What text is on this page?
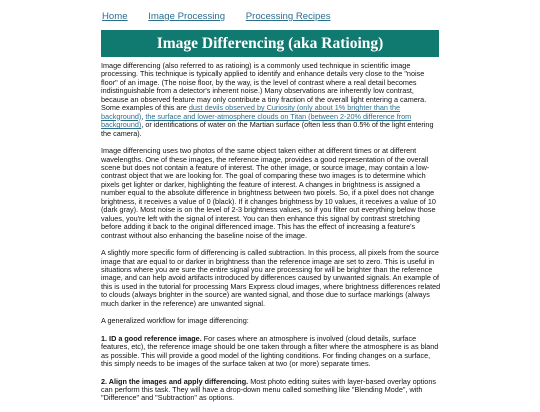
Home Image Processing Processing Recipes
Image Differencing (aka Ratioing)

Image differencing (also referred to as ratioing) is a commonly used technique in scientific image processing. This technique is typically applied to identify and enhance details very close to the "noise floor" of an image. (The noise floor, by the way, is the level of contrast where a real detail becomes indistinguishable from a detector's inherent noise.) Many observations are inherently low contrast, because an observed feature may only contribute a tiny fraction of the overall light entering a camera. Some examples of this are dust devils observed by Curiosity (only about 1% brighter than the background), the surface and lower-atmosphere clouds on Titan (between 2-20% difference from background), or identifications of water on the Martian surface (often less than 0.5% of the light entering the camera).

Image differencing uses two photos of the same object taken either at different times or at different wavelengths. One of these images, the reference image, provides a good representation of the overall scene but does not contain a feature of interest. The other image, or source image, may contain a low-contrast object that we are looking for. The goal of comparing these two images is to determine which pixels get lighter or darker, highlighting the feature of interest. A changes in brightness is assigned a number equal to the absolute difference in brightness between two pixels. So, if a pixel does not change brightness, it receives a value of 0 (black). If it changes brightness by 10 values, it receives a value of 10 (dark gray). Most noise is on the level of 2-3 brightness values, so if you filter out everything below those values, you're left with the signal of interest. You can then enhance this signal by contrast stretching before adding it back to the original differenced image. This has the effect of increasing a feature's contrast without also enhancing the baseline noise of the image.

A slightly more specific form of differencing is called subtraction. In this process, all pixels from the source image that are equal to or darker in brightness than the reference image are set to zero. This is useful in situations where you are sure the entire signal you are processing for will be brighter than the reference image, and can help avoid artifacts introduced by differences caused by unwanted signals. An example of this is used in the tutorial for processing Mars Express cloud images, where brightness differences related to clouds (always brighter in the source) are wanted signal, and those due to surface markings (always much darker in the reference) are unwanted signal.

A generalized workflow for image differencing:

1. ID a good reference image. For cases where an atmosphere is involved (cloud details, surface features, etc), the reference image should be one taken through a filter where the atmosphere is as bland as possible. This will provide a good model of the lighting conditions. For finding changes on a surface, this simply needs to be images of the surface taken at two (or more) separate times.

2. Align the images and apply differencing. Most photo editing suites with layer-based overlay options can perform this task. They will have a drop-down menu called something like "Blending Mode", with "Difference" and "Subtraction" as options.
